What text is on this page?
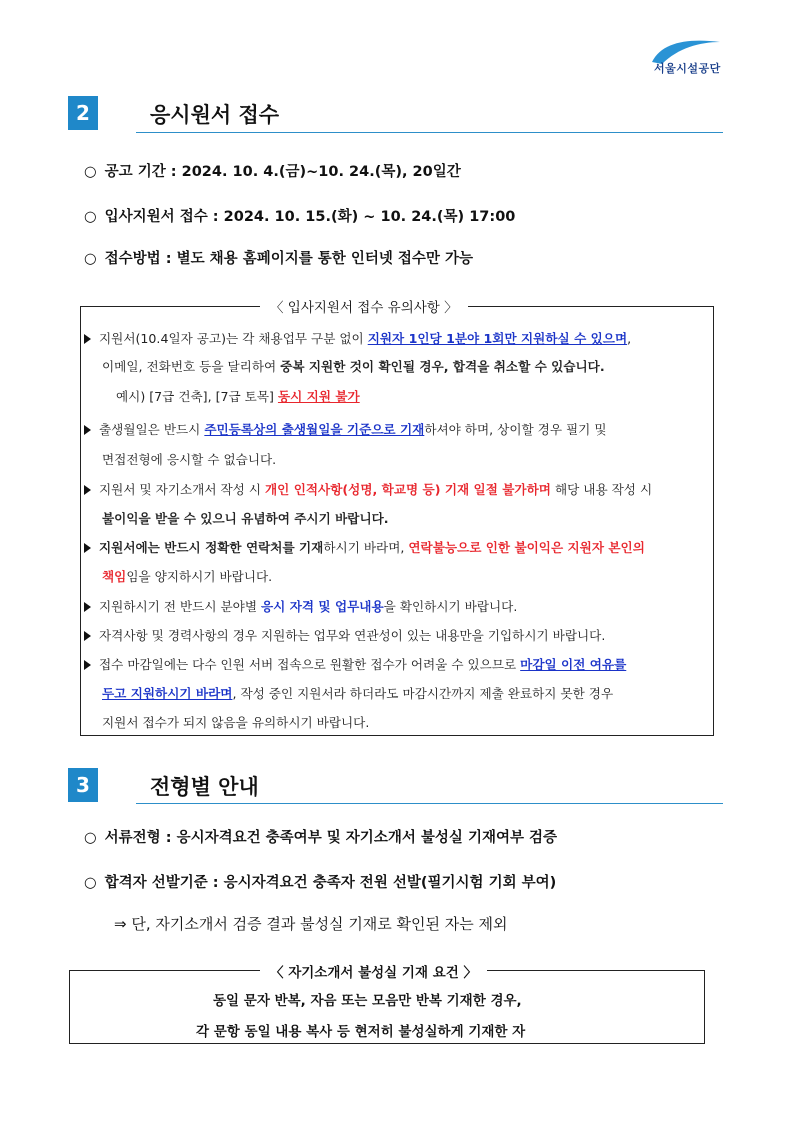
서울시설공단
2	응시원서 접수
○ 공고 기간 : 2024. 10. 4.(금)~10. 24.(목), 20일간
○ 입사지원서 접수 : 2024. 10. 15.(화) ~ 10. 24.(목) 17:00
○ 접수방법 : 별도 채용 홈페이지를 통한 인터넷 접수만 가능
〈 입사지원서 접수 유의사항 〉
지원서(10.4일자 공고)는 각 채용업무 구분 없이 지원자 1인당 1분야 1회만 지원하실 수 있으며,
이메일, 전화번호 등을 달리하여 중복 지원한 것이 확인될 경우, 합격을 취소할 수 있습니다.
예시) [7급 건축], [7급 토목] 동시 지원 불가
출생월일은 반드시 주민등록상의 출생월일을 기준으로 기재하셔야 하며, 상이할 경우 필기 및
면접전형에 응시할 수 없습니다.
지원서 및 자기소개서 작성 시 개인 인적사항(성명, 학교명 등) 기재 일절 불가하며 해당 내용 작성 시
불이익을 받을 수 있으니 유념하여 주시기 바랍니다.
지원서에는 반드시 정확한 연락처를 기재하시기 바라며, 연락불능으로 인한 불이익은 지원자 본인의
책임임을 양지하시기 바랍니다.
지원하시기 전 반드시 분야별 응시 자격 및 업무내용을 확인하시기 바랍니다.
자격사항 및 경력사항의 경우 지원하는 업무와 연관성이 있는 내용만을 기입하시기 바랍니다.
접수 마감일에는 다수 인원 서버 접속으로 원활한 접수가 어려울 수 있으므로 마감일 이전 여유를
두고 지원하시기 바라며, 작성 중인 지원서라 하더라도 마감시간까지 제출 완료하지 못한 경우
지원서 접수가 되지 않음을 유의하시기 바랍니다.
3	전형별 안내
○ 서류전형 : 응시자격요건 충족여부 및 자기소개서 불성실 기재여부 검증
○ 합격자 선발기준 : 응시자격요건 충족자 전원 선발(필기시험 기회 부여)
⇒ 단, 자기소개서 검증 결과 불성실 기재로 확인된 자는 제외
〈 자기소개서 불성실 기재 요건 〉
동일 문자 반복, 자음 또는 모음만 반복 기재한 경우,
각 문항 동일 내용 복사 등 현저히 불성실하게 기재한 자
